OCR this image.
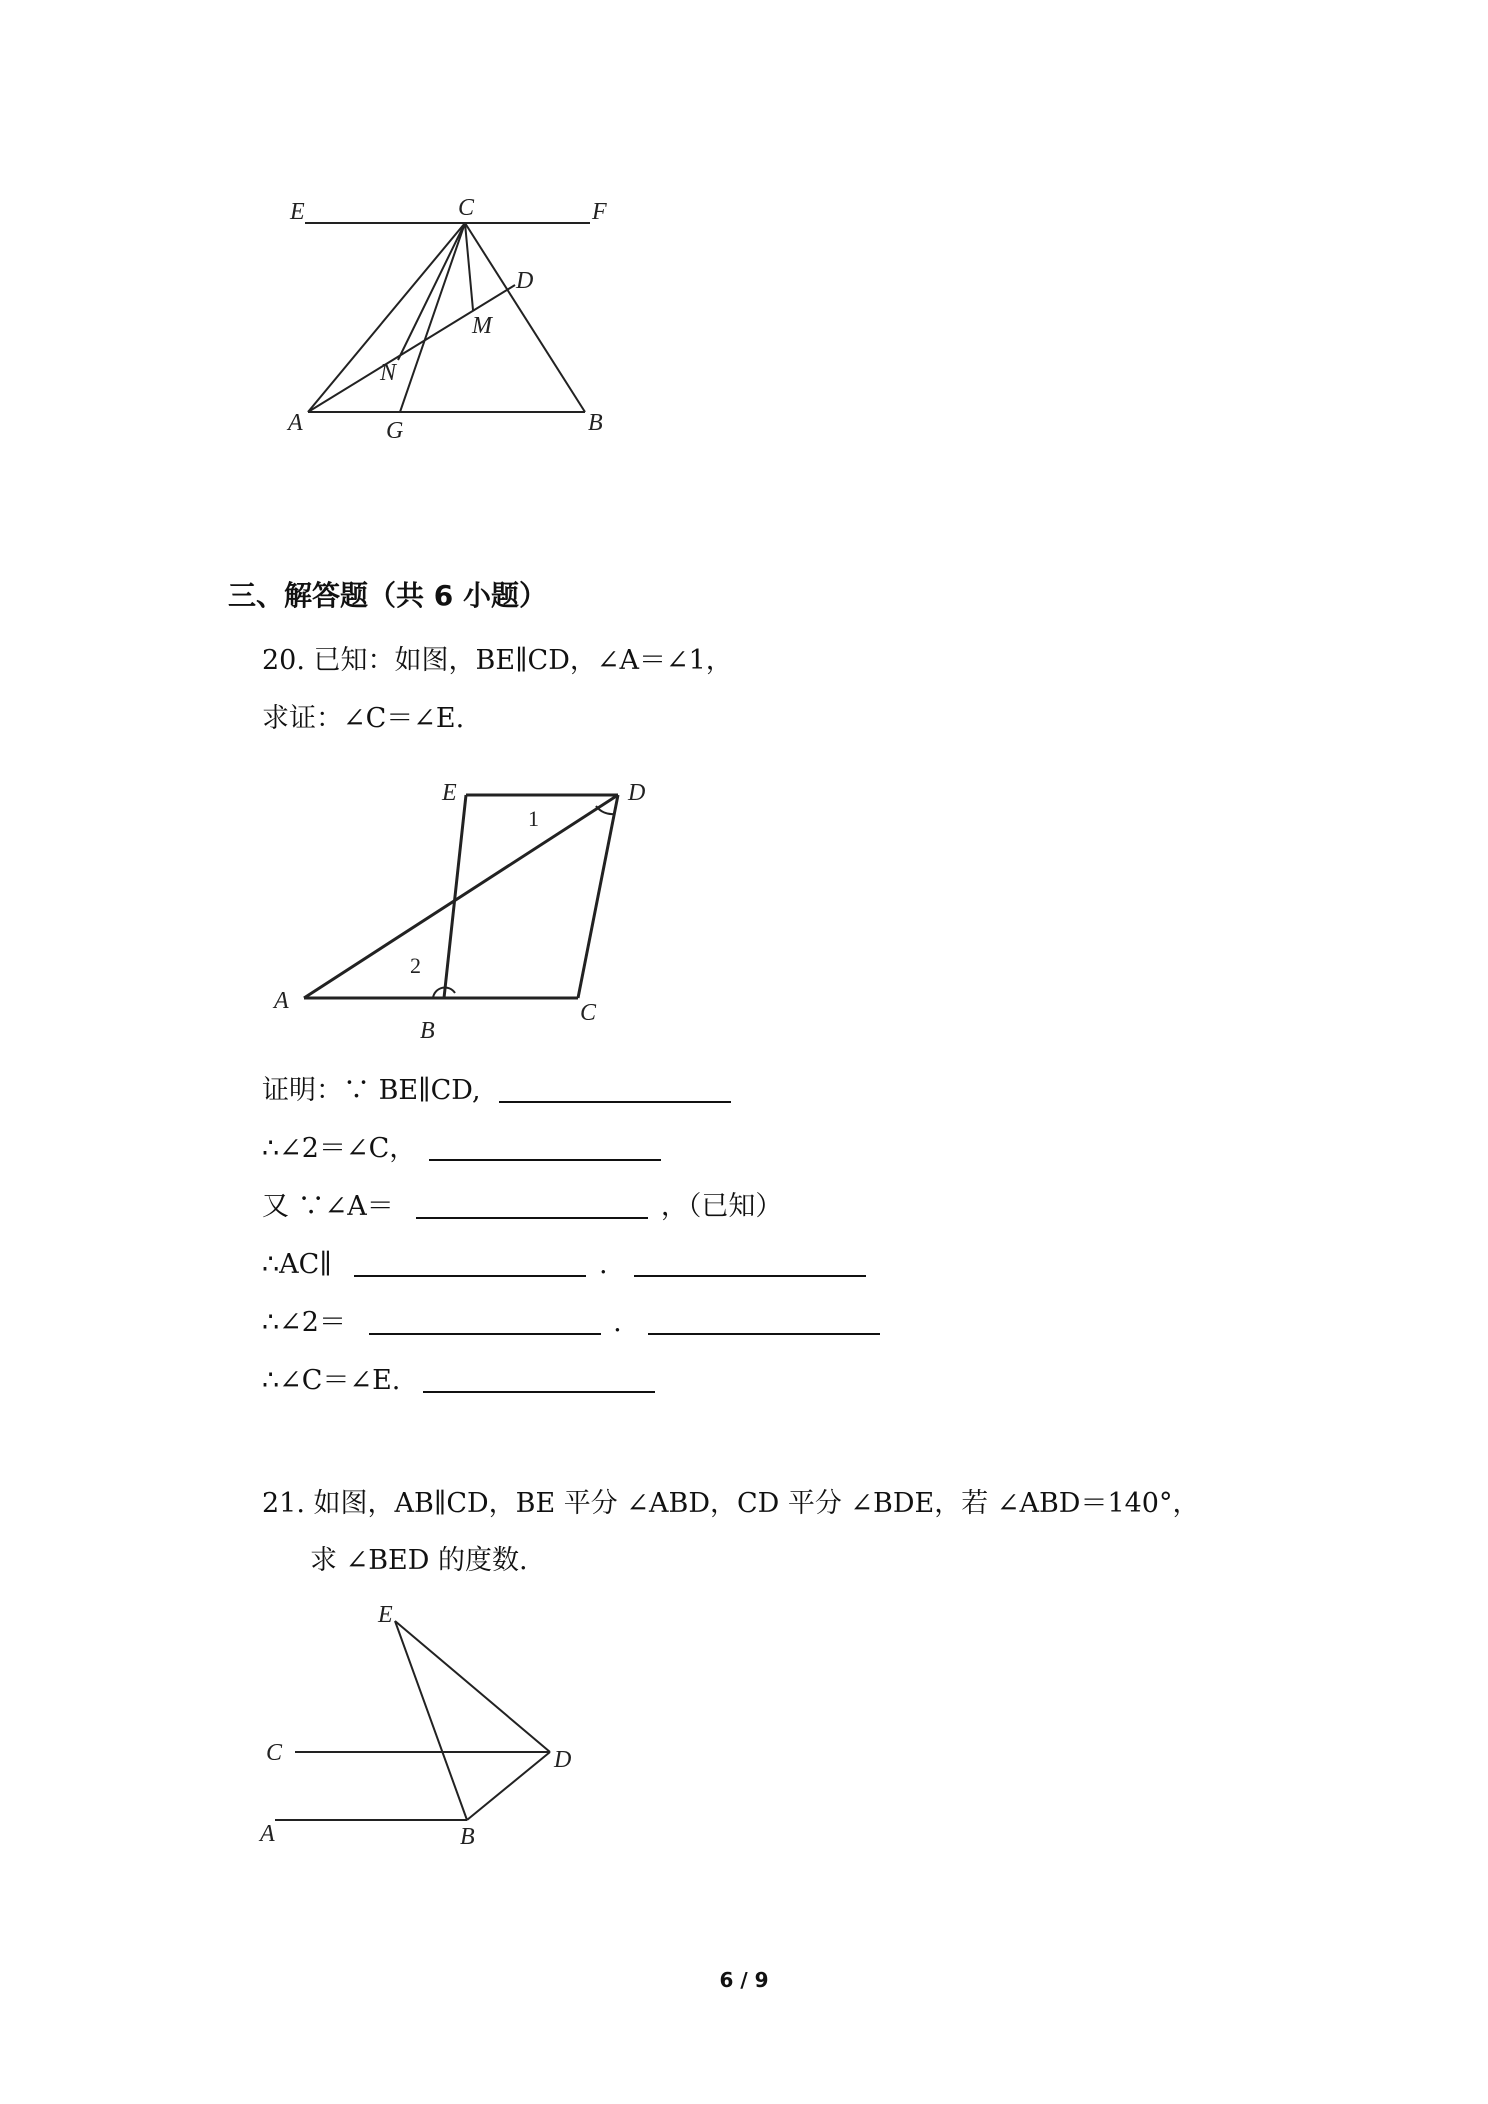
E	C	F
D
M
N
A	G	B
三、解答题（共 6 小题）
20. 已知：如图，BE∥CD，∠A＝∠1，
求证：∠C＝∠E.
E	D
1
2
A
B
C
证明：∵ BE∥CD,
∴∠2＝∠C，
又 ∵∠A＝	，（已知）
∴AC∥	.
∴∠2＝	.
∴∠C＝∠E.
21. 如图，AB∥CD，BE 平分 ∠ABD，CD 平分 ∠BDE，若 ∠ABD＝140°，
求 ∠BED 的度数.
E
C	D
A	B
6 / 9
